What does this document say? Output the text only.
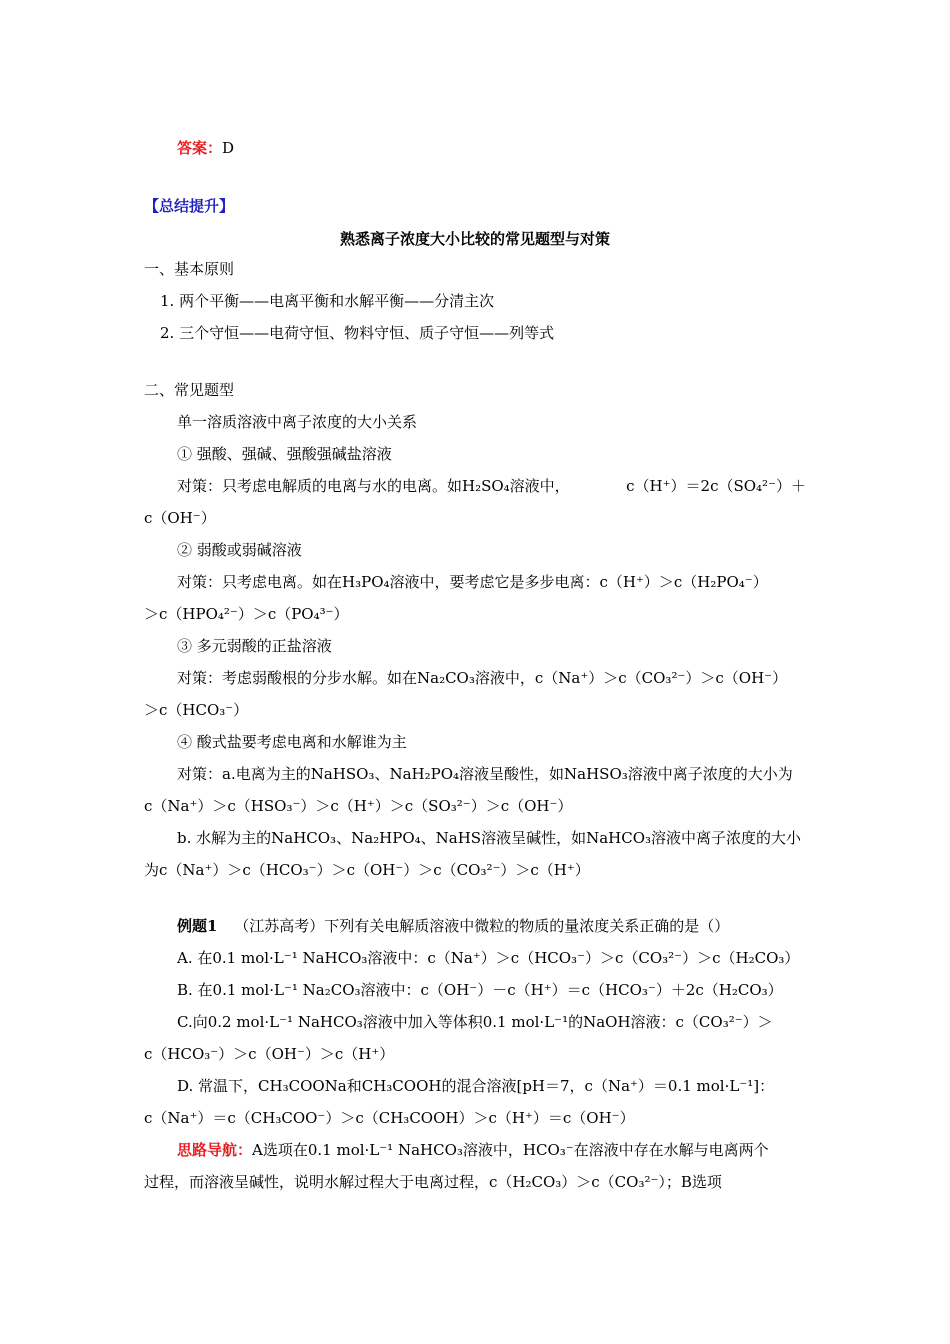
答案：D
【总结提升】
熟悉离子浓度大小比较的常见题型与对策
一、基本原则
1. 两个平衡——电离平衡和水解平衡——分清主次
2. 三个守恒——电荷守恒、物料守恒、质子守恒——列等式
二、常见题型
单一溶质溶液中离子浓度的大小关系
① 强酸、强碱、强酸强碱盐溶液
对策：只考虑电解质的电离与水的电离。如H₂SO₄溶液中，	c（H⁺）＝2c（SO₄²⁻）＋
c（OH⁻）
② 弱酸或弱碱溶液
对策：只考虑电离。如在H₃PO₄溶液中，要考虑它是多步电离：c（H⁺）＞c（H₂PO₄⁻）
＞c（HPO₄²⁻）＞c（PO₄³⁻）
③ 多元弱酸的正盐溶液
对策：考虑弱酸根的分步水解。如在Na₂CO₃溶液中，c（Na⁺）＞c（CO₃²⁻）＞c（OH⁻）
＞c（HCO₃⁻）
④ 酸式盐要考虑电离和水解谁为主
对策：a.电离为主的NaHSO₃、NaH₂PO₄溶液呈酸性，如NaHSO₃溶液中离子浓度的大小为
c（Na⁺）＞c（HSO₃⁻）＞c（H⁺）＞c（SO₃²⁻）＞c（OH⁻）
b. 水解为主的NaHCO₃、Na₂HPO₄、NaHS溶液呈碱性，如NaHCO₃溶液中离子浓度的大小
为c（Na⁺）＞c（HCO₃⁻）＞c（OH⁻）＞c（CO₃²⁻）＞c（H⁺）
例题1 （江苏高考）下列有关电解质溶液中微粒的物质的量浓度关系正确的是（）
A. 在0.1 mol·L⁻¹ NaHCO₃溶液中：c（Na⁺）＞c（HCO₃⁻）＞c（CO₃²⁻）＞c（H₂CO₃）
B. 在0.1 mol·L⁻¹ Na₂CO₃溶液中：c（OH⁻）－c（H⁺）＝c（HCO₃⁻）＋2c（H₂CO₃）
C.向0.2 mol·L⁻¹ NaHCO₃溶液中加入等体积0.1 mol·L⁻¹的NaOH溶液：c（CO₃²⁻）＞
c（HCO₃⁻）＞c（OH⁻）＞c（H⁺）
D. 常温下，CH₃COONa和CH₃COOH的混合溶液[pH＝7，c（Na⁺）＝0.1 mol·L⁻¹]：
c（Na⁺）＝c（CH₃COO⁻）＞c（CH₃COOH）＞c（H⁺）＝c（OH⁻）
思路导航：A选项在0.1 mol·L⁻¹ NaHCO₃溶液中，HCO₃⁻在溶液中存在水解与电离两个
过程，而溶液呈碱性，说明水解过程大于电离过程，c（H₂CO₃）＞c（CO₃²⁻）；B选项
